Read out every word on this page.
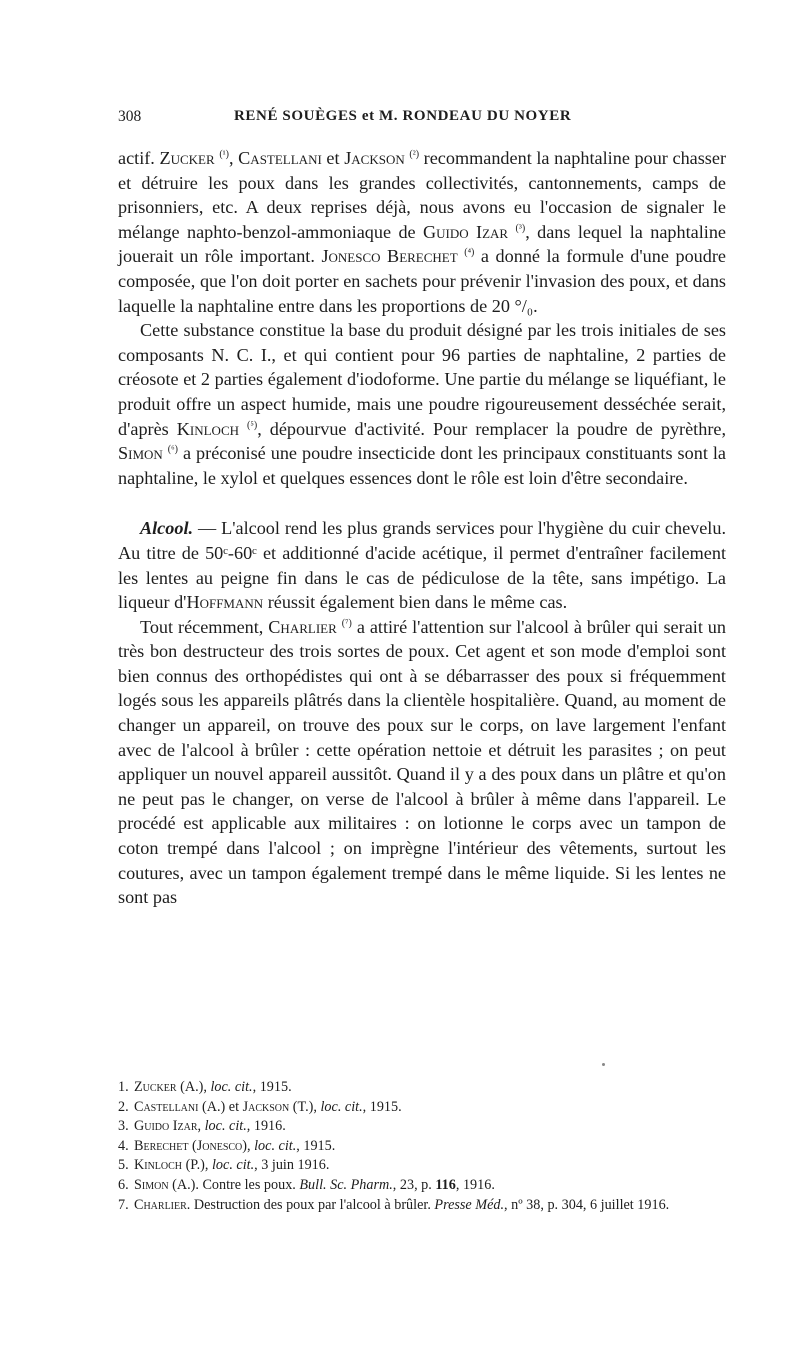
308	RENÉ SOUÈGES et M. RONDEAU DU NOYER

actif. Zucker $^{(^1)}$, Castellani et Jackson $^{(^2)}$ recommandent la naphtaline pour chasser et détruire les poux dans les grandes collectivités, cantonnements, camps de prisonniers, etc. A deux reprises déjà, nous avons eu l'occasion de signaler le mélange naphto-benzol-ammoniaque de Guido Izar $^{(^3)}$, dans lequel la naphtaline jouerait un rôle important. Jonesco Berechet $^{(^4)}$ a donné la formule d'une poudre composée, que l'on doit porter en sachets pour prévenir l'invasion des poux, et dans laquelle la naphtaline entre dans les proportions de 20 °/₀.

Cette substance constitue la base du produit désigné par les trois initiales de ses composants N. C. I., et qui contient pour 96 parties de naphtaline, 2 parties de créosote et 2 parties également d'iodoforme. Une partie du mélange se liquéfiant, le produit offre un aspect humide, mais une poudre rigoureusement desséchée serait, d'après Kinloch $^{(^5)}$, dépourvue d'activité. Pour remplacer la poudre de pyrèthre, Simon $^{(^6)}$ a préconisé une poudre insecticide dont les principaux constituants sont la naphtaline, le xylol et quelques essences dont le rôle est loin d'être secondaire.

Alcool. — L'alcool rend les plus grands services pour l'hygiène du cuir chevelu. Au titre de 50ᶜ-60ᶜ et additionné d'acide acétique, il permet d'entraîner facilement les lentes au peigne fin dans le cas de pédiculose de la tête, sans impétigo. La liqueur d'Hoffmann réussit également bien dans le même cas.

Tout récemment, Charlier $^{(^7)}$ a attiré l'attention sur l'alcool à brûler qui serait un très bon destructeur des trois sortes de poux. Cet agent et son mode d'emploi sont bien connus des orthopédistes qui ont à se débarrasser des poux si fréquemment logés sous les appareils plâtrés dans la clientèle hospitalière. Quand, au moment de changer un appareil, on trouve des poux sur le corps, on lave largement l'enfant avec de l'alcool à brûler : cette opération nettoie et détruit les parasites ; on peut appliquer un nouvel appareil aussitôt. Quand il y a des poux dans un plâtre et qu'on ne peut pas le changer, on verse de l'alcool à brûler à même dans l'appareil. Le procédé est applicable aux militaires : on lotionne le corps avec un tampon de coton trempé dans l'alcool ; on imprègne l'intérieur des vêtements, surtout les coutures, avec un tampon également trempé dans le même liquide. Si les lentes ne sont pas

1. Zucker (A.), loc. cit., 1915.
2. Castellani (A.) et Jackson (T.), loc. cit., 1915.
3. Guido Izar, loc. cit., 1916.
4. Berechet (Jonesco), loc. cit., 1915.
5. Kinloch (P.), loc. cit., 3 juin 1916.
6. Simon (A.). Contre les poux. Bull. Sc. Pharm., 23, p. 116, 1916.
7. Charlier. Destruction des poux par l'alcool à brûler. Presse Méd., nº 38, p. 304, 6 juillet 1916.
